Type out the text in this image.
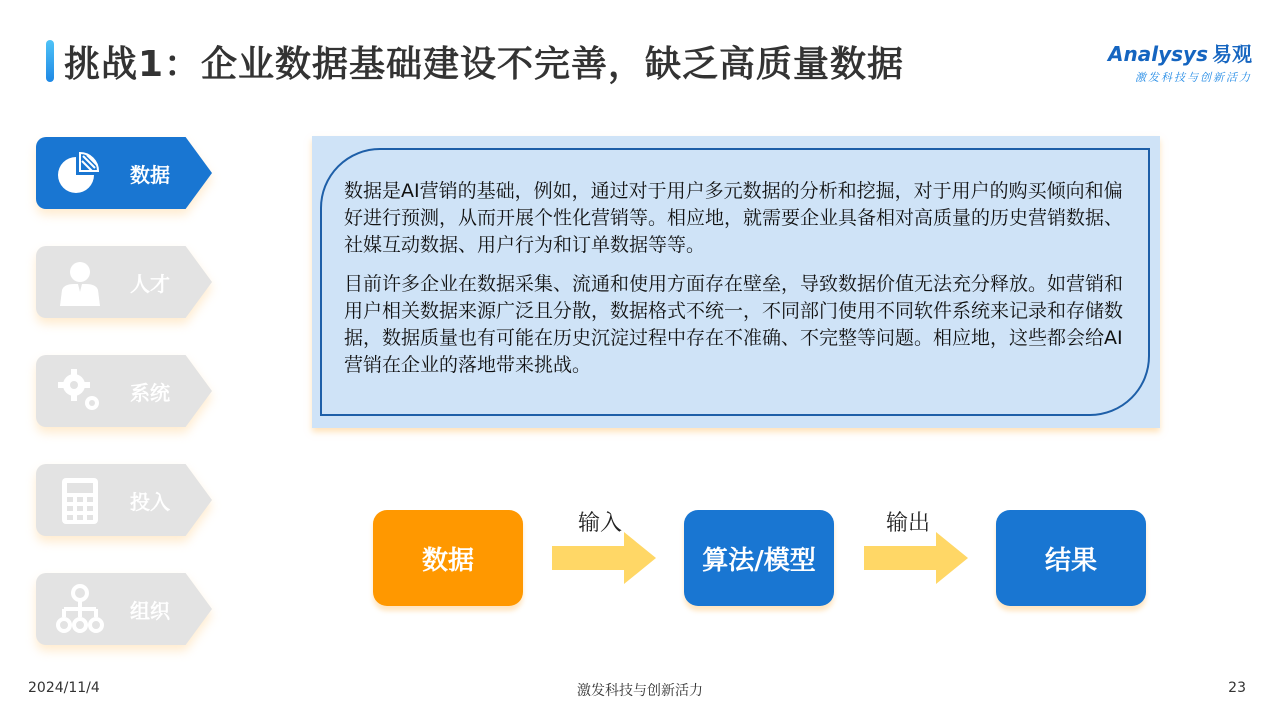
挑战1：企业数据基础建设不完善，缺乏高质量数据	Analysys 易观
激发科技与创新活力
数据
人才
系统
投入
组织

数据是AI营销的基础，例如，通过对于用户多元数据的分析和挖掘，对于用户的购买倾向和偏好进行预测，从而开展个性化营销等。相应地，就需要企业具备相对高质量的历史营销数据、社媒互动数据、用户行为和订单数据等等。

目前许多企业在数据采集、流通和使用方面存在壁垒，导致数据价值无法充分释放。如营销和用户相关数据来源广泛且分散，数据格式不统一，不同部门使用不同软件系统来记录和存储数据，数据质量也有可能在历史沉淀过程中存在不准确、不完整等问题。相应地，这些都会给AI营销在企业的落地带来挑战。

数据
输入
算法/模型
输出
结果
2024/11/4	激发科技与创新活力	23
